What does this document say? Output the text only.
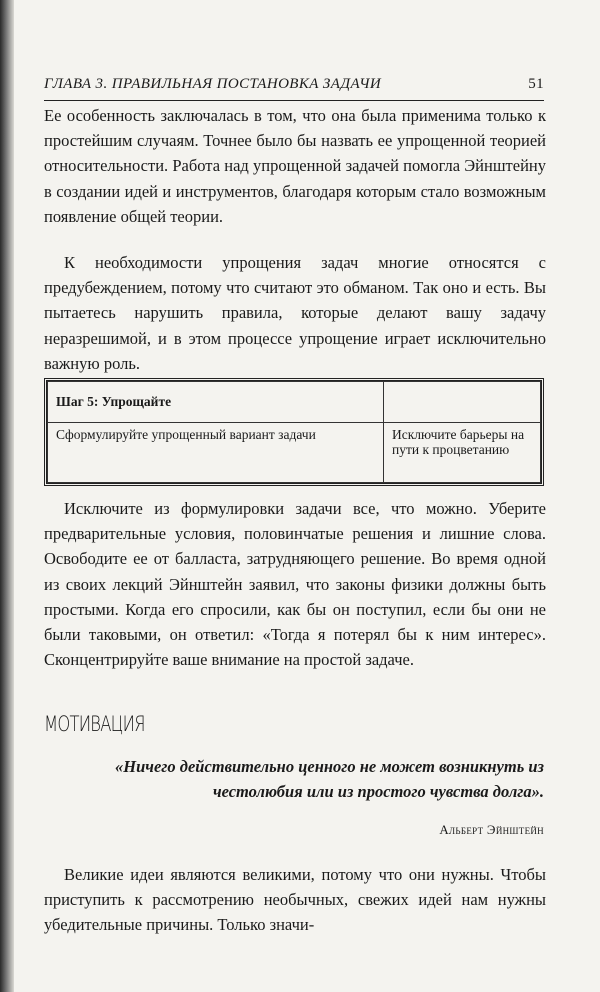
ГЛАВА 3. ПРАВИЛЬНАЯ ПОСТАНОВКА ЗАДАЧИ	51

Ее особенность заключалась в том, что она была применима только к простейшим случаям. Точнее было бы назвать ее упрощенной теорией относительности. Работа над упрощенной задачей помогла Эйнштейну в создании идей и инструментов, благодаря которым стало возможным появление общей теории.

К необходимости упрощения задач многие относятся с предубеждением, потому что считают это обманом. Так оно и есть. Вы пытаетесь нарушить правила, которые делают вашу задачу неразрешимой, и в этом процессе упрощение играет исключительно важную роль.

Шаг 5: Упрощайте	
Сформулируйте упрощенный вариант задачи	Исключите барьеры на пути к процветанию

Исключите из формулировки задачи все, что можно. Уберите предварительные условия, половинчатые решения и лишние слова. Освободите ее от балласта, затрудняющего решение. Во время одной из своих лекций Эйнштейн заявил, что законы физики должны быть простыми. Когда его спросили, как бы он поступил, если бы они не были таковыми, он ответил: «Тогда я потерял бы к ним интерес». Сконцентрируйте ваше внимание на простой задаче.

МОТИВАЦИЯ

«Ничего действительно ценного не может возникнуть из честолюбия или из простого чувства долга».

Альберт Эйнштейн

Великие идеи являются великими, потому что они нужны. Чтобы приступить к рассмотрению необычных, свежих идей нам нужны убедительные причины. Только значи-
